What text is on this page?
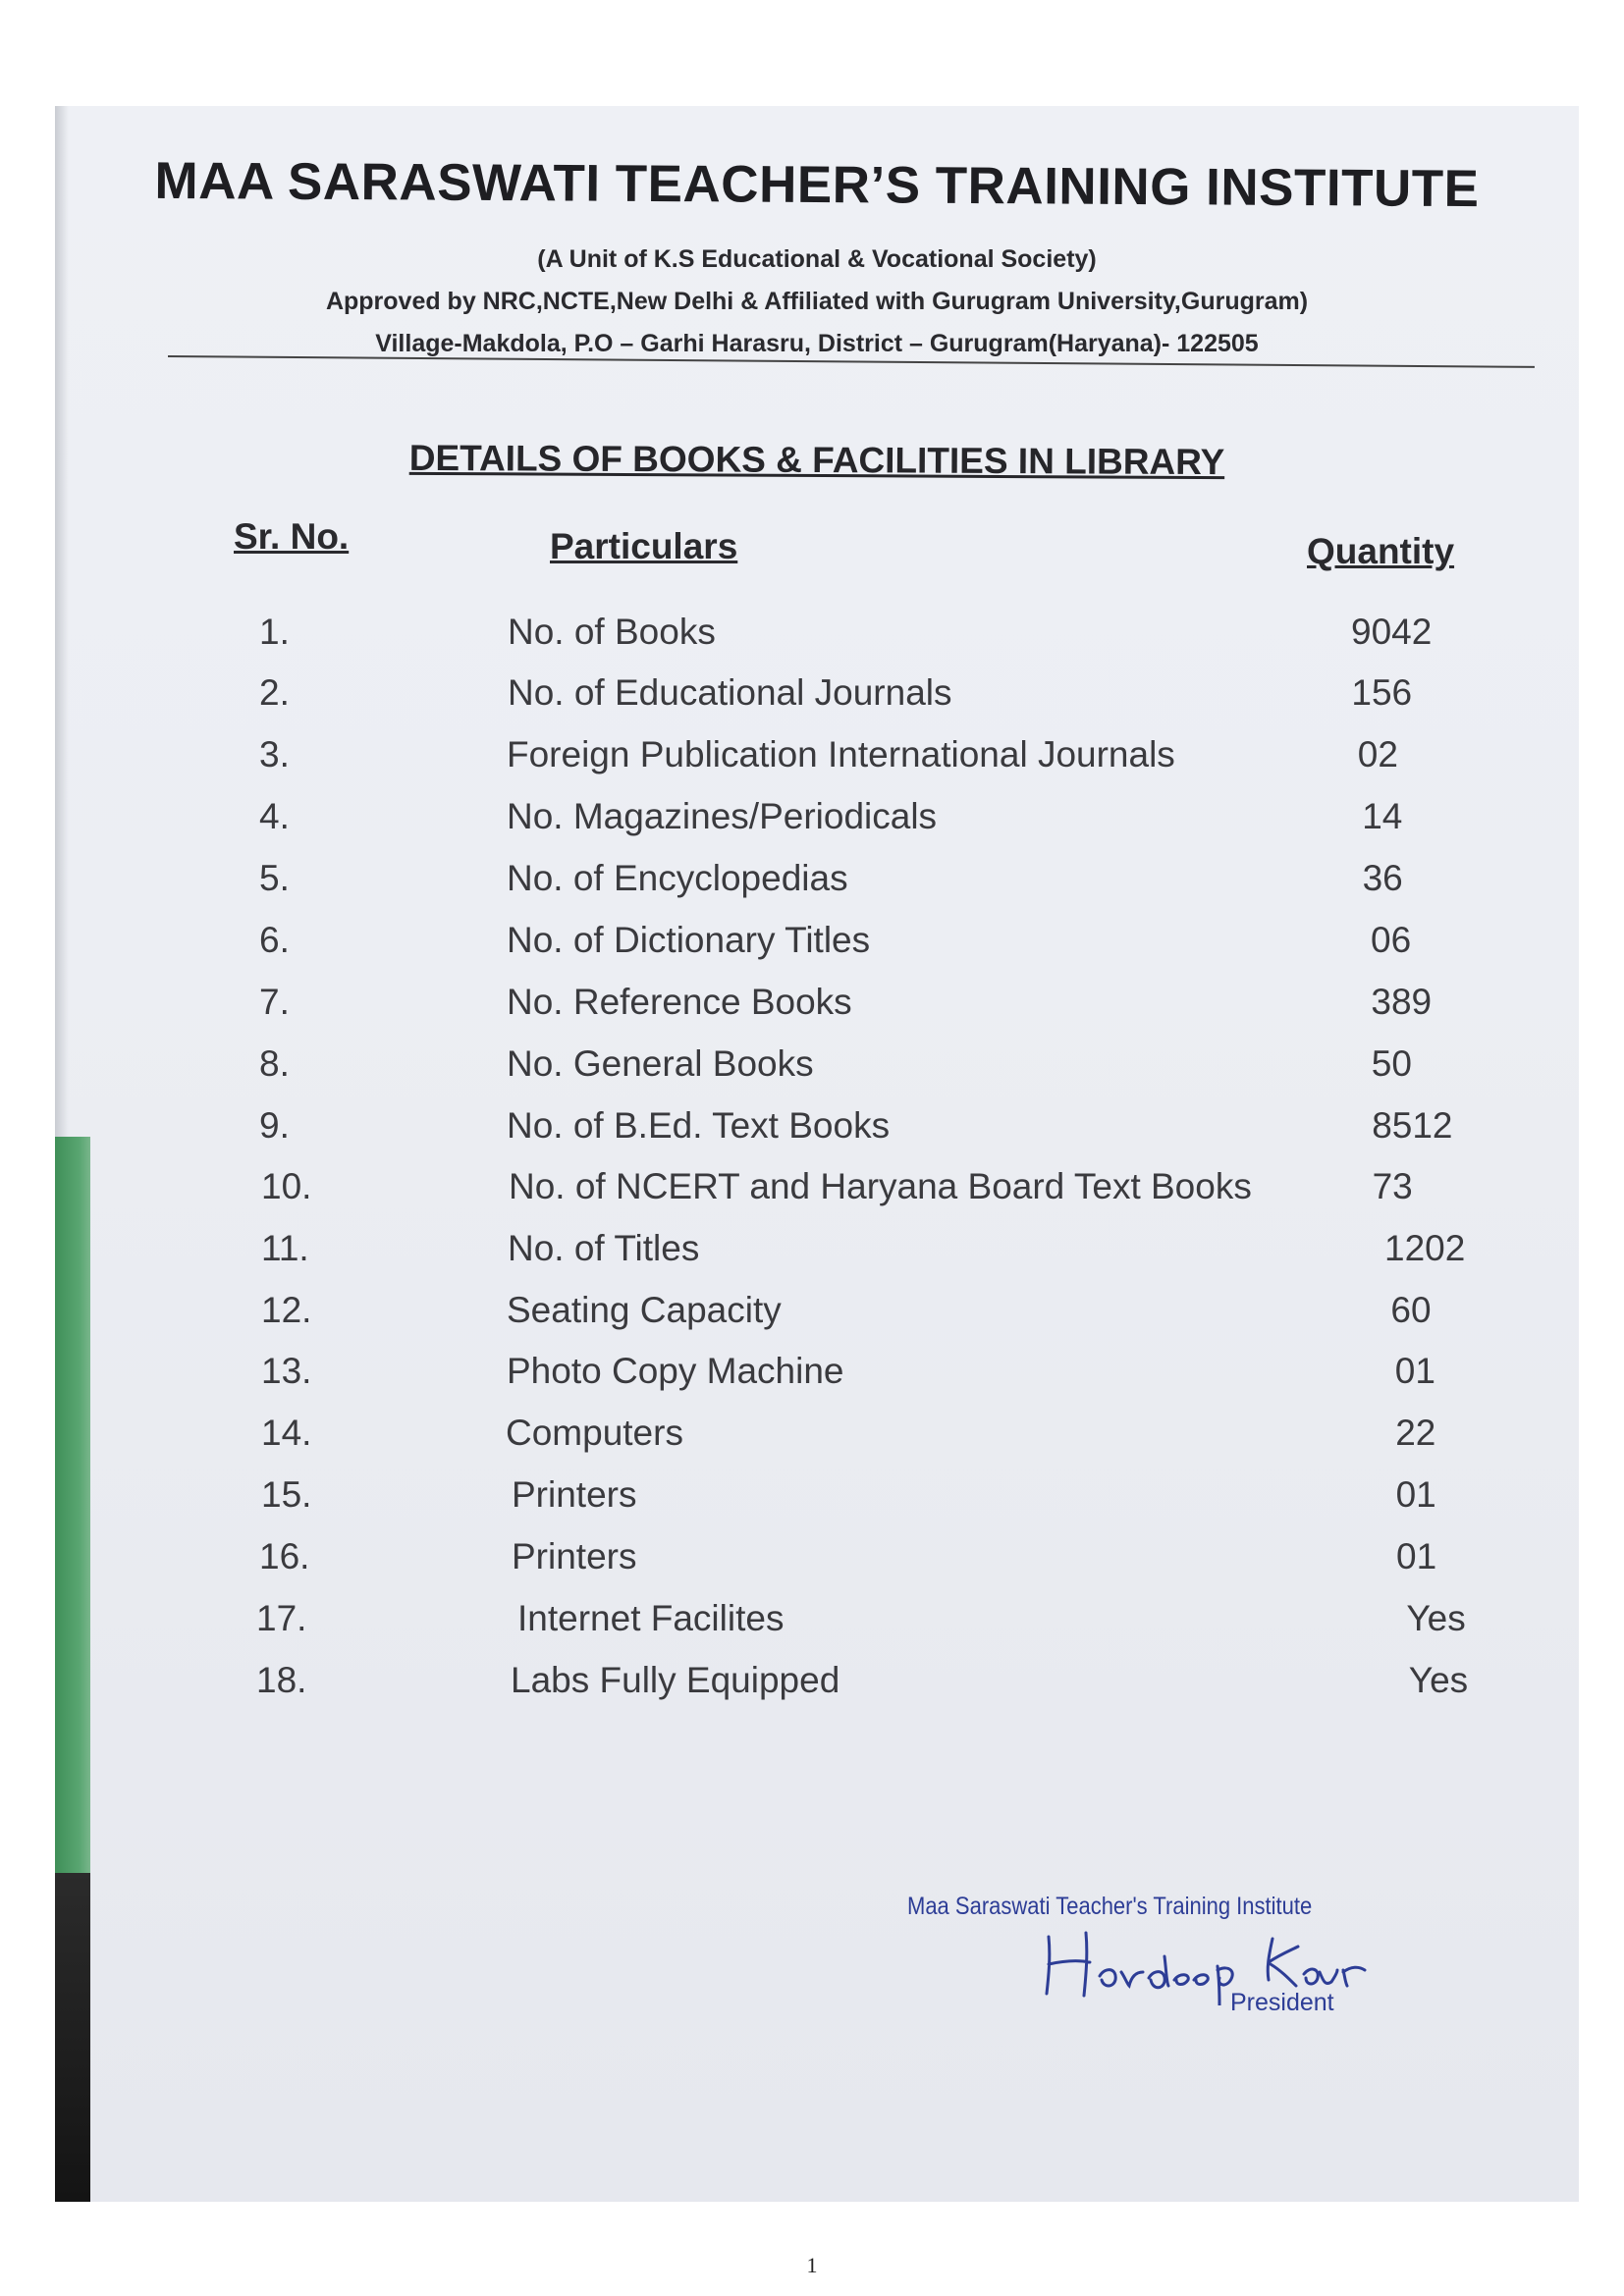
MAA SARASWATI TEACHER’S TRAINING INSTITUTE
(A Unit of K.S Educational & Vocational Society)
Approved by NRC,NCTE,New Delhi & Affiliated with Gurugram University,Gurugram)
Village-Makdola, P.O – Garhi Harasru, District – Gurugram(Haryana)- 122505
DETAILS OF BOOKS & FACILITIES IN LIBRARY
Sr. No.	Particulars	Quantity
1.	No. of Books	9042
2.	No. of Educational Journals	156
3.	Foreign Publication International Journals	02
4.	No. Magazines/Periodicals	14
5.	No. of Encyclopedias	36
6.	No. of Dictionary Titles	06
7.	No. Reference Books	389
8.	No. General Books	50
9.	No. of B.Ed. Text Books	8512
10.	No. of NCERT and Haryana Board Text Books	73
11.	No. of Titles	1202
12.	Seating Capacity	60
13.	Photo Copy Machine	01
14.	Computers	22
15.	Printers	01
16.	Printers	01
17.	Internet Facilites	Yes
18.	Labs Fully Equipped	Yes
Maa Saraswati Teacher's Training Institute
President
1
